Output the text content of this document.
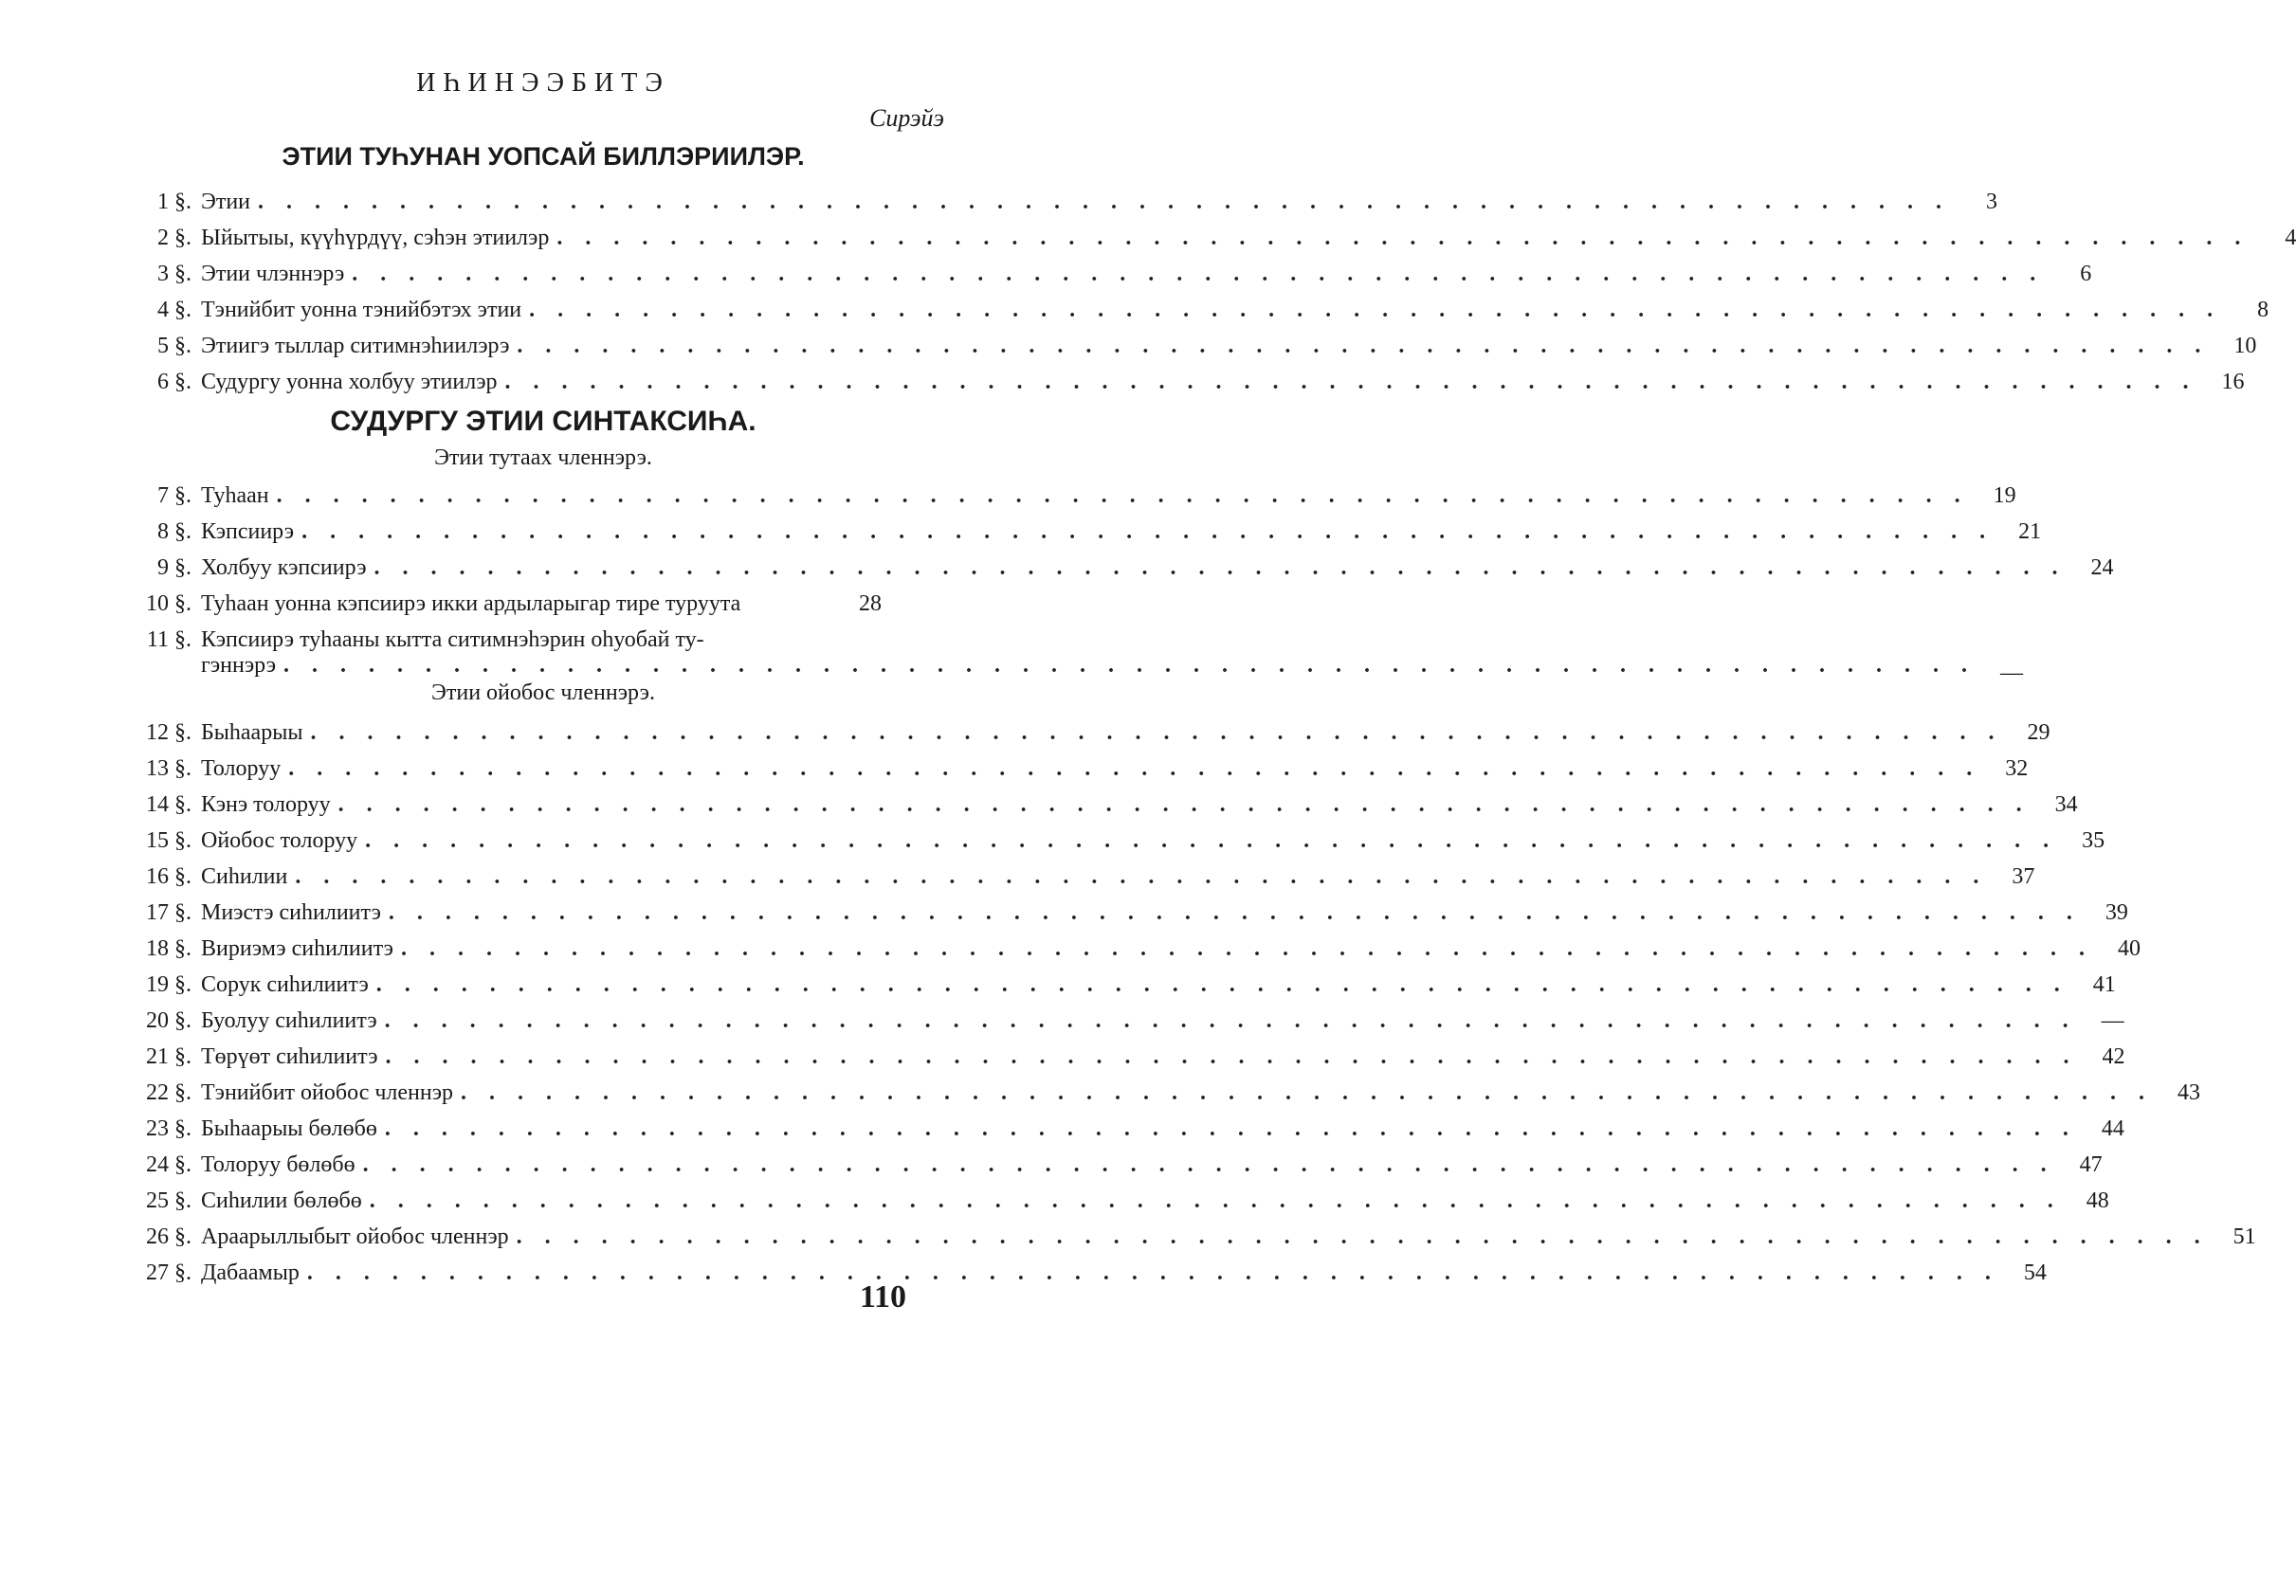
ИҺИНЭЭБИТЭ
Сирэйэ
ЭТИИ ТУҺУНАН УОПСАЙ БИЛЛЭРИИЛЭР.
1 §. Этии . . .	3
2 §. Ыйытыы, күүһүрдүү, сэһэн этиилэр . . .	4
3 §. Этии члэннэрэ . . .	6
4 §. Тэнийбит уонна тэнийбэтэх этии . . .	8
5 §. Этиигэ тыллар ситимнэһиилэрэ . . .	10
6 §. Судургу уонна холбуу этиилэр . . .	16
СУДУРГУ ЭТИИ СИНТАКСИҺА.
Этии тутаах членнэрэ.
7 §. Туһаан . . .	19
8 §. Кэпсиирэ . . .	21
9 §. Холбуу кэпсиирэ . . .	24
10 §. Туһаан уонна кэпсиирэ икки ардыларыгар тире туруута	28
11 §. Кэпсиирэ туһааны кытта ситимнэһэрин оһуобай ту-
гэннэрэ . . .	—
Этии ойобос членнэрэ.
12 §. Быһаарыы . . .	29
13 §. Толоруу . . .	32
14 §. Кэнэ толоруу . . .	34
15 §. Ойобос толоруу . . .	35
16 §. Сиһилии . . .	37
17 §. Миэстэ сиһилиитэ . . .	39
18 §. Вириэмэ сиһилиитэ . . .	40
19 §. Сорук сиһилиитэ . . .	41
20 §. Буолуу сиһилиитэ . . .	—
21 §. Төрүөт сиһилиитэ . . .	42
22 §. Тэнийбит ойобос членнэр . . .	43
23 §. Быһаарыы бөлөбө . . .	44
24 §. Толоруу бөлөбө . . .	47
25 §. Сиһилии бөлөбө . . .	48
26 §. Араарыллыбыт ойобос членнэр . . .	51
27 §. Дабаамыр . . .	54
110
